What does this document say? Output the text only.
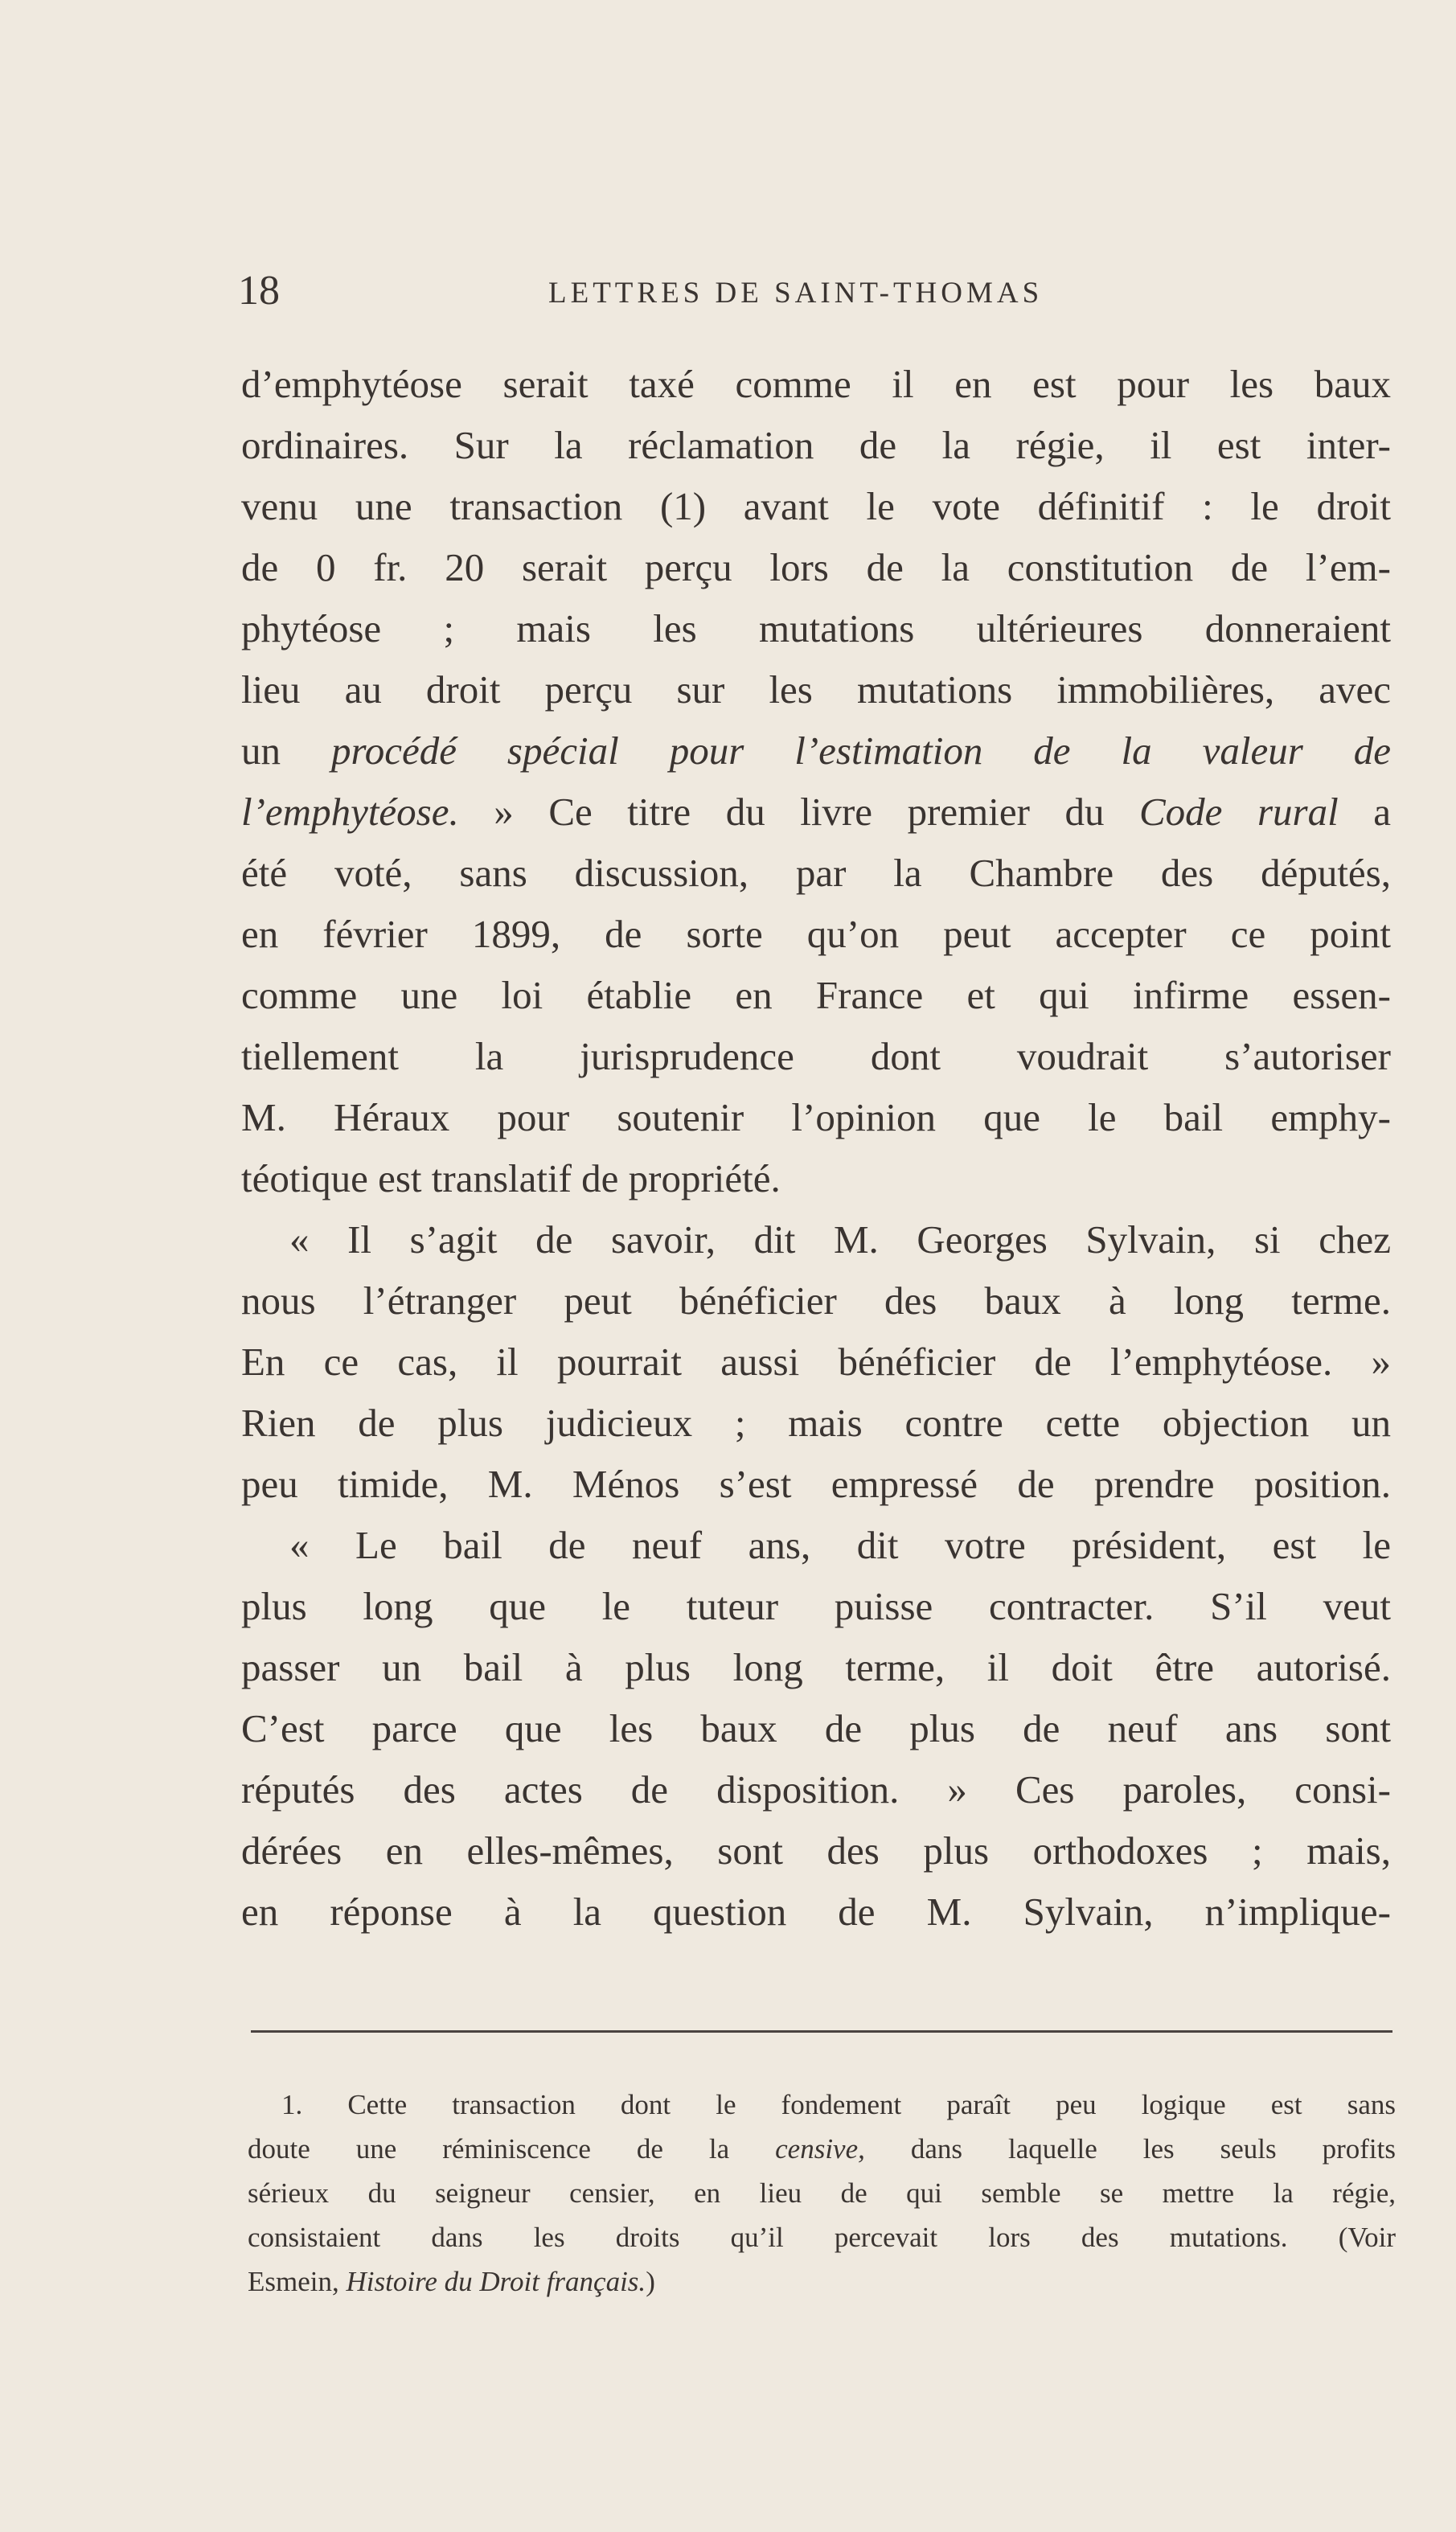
18	LETTRES DE SAINT-THOMAS
d’emphytéose serait taxé comme il en est pour les baux
ordinaires. Sur la réclamation de la régie, il est inter-
venu une transaction (1) avant le vote définitif : le droit
de 0 fr. 20 serait perçu lors de la constitution de l’em-
phytéose ; mais les mutations ultérieures donneraient
lieu au droit perçu sur les mutations immobilières, avec
un procédé spécial pour l’estimation de la valeur de
l’emphytéose. » Ce titre du livre premier du Code rural a
été voté, sans discussion, par la Chambre des députés,
en février 1899, de sorte qu’on peut accepter ce point
comme une loi établie en France et qui infirme essen-
tiellement la jurisprudence dont voudrait s’autoriser
M. Héraux pour soutenir l’opinion que le bail emphy-
téotique est translatif de propriété.
« Il s’agit de savoir, dit M. Georges Sylvain, si chez
nous l’étranger peut bénéficier des baux à long terme.
En ce cas, il pourrait aussi bénéficier de l’emphytéose. »
Rien de plus judicieux ; mais contre cette objection un
peu timide, M. Ménos s’est empressé de prendre position.
« Le bail de neuf ans, dit votre président, est le
plus long que le tuteur puisse contracter. S’il veut
passer un bail à plus long terme, il doit être autorisé.
C’est parce que les baux de plus de neuf ans sont
réputés des actes de disposition. » Ces paroles, consi-
dérées en elles-mêmes, sont des plus orthodoxes ; mais,
en réponse à la question de M. Sylvain, n’implique-
1. Cette transaction dont le fondement paraît peu logique est sans
doute une réminiscence de la censive, dans laquelle les seuls profits
sérieux du seigneur censier, en lieu de qui semble se mettre la régie,
consistaient dans les droits qu’il percevait lors des mutations. (Voir
Esmein, Histoire du Droit français.)
